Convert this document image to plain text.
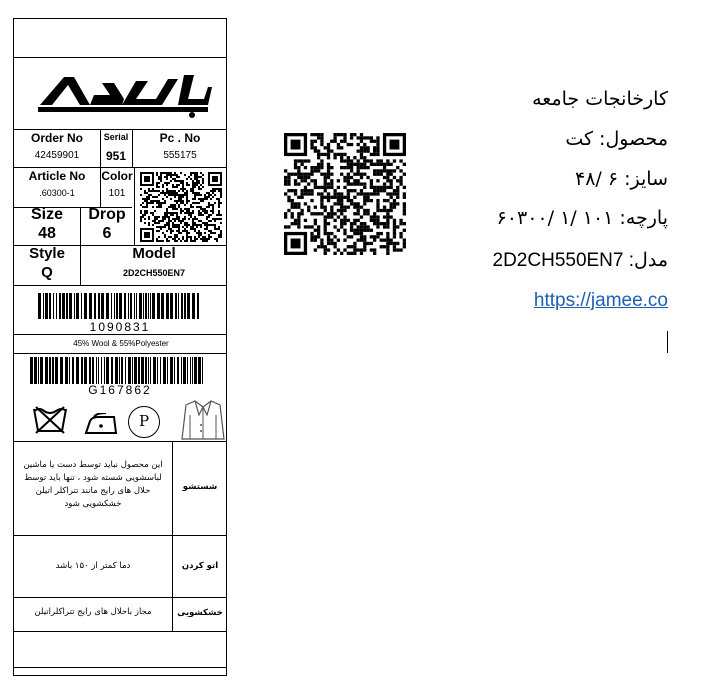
Order No
42459901
Serial
951
Pc . No
555175
Article No
.60300-1
Color
101
Size
48
Drop
6
Style
Q
Model
2D2CH550EN7
1090831
45% Wool & 55%Polyester
G167862
P
این محصول نباید توسط دست یا ماشین لباسشویی شسته شود ، تنها باید توسط حلال های رایج مانند تتراکلر اتیلن خشکشویی شود
شستشو
دما کمتر از ۱۵۰ باشد	اتو کردن
مجاز باحلال های رایج تتراکلراتیلن	خشکشویی
کارخانجات جامعه
محصول: کت
سایز: ۶ /۴۸
پارچه: ۱۰۱ /۱ /۶۰۳۰۰
مدل: 2D2CH550EN7
https://jamee.co
